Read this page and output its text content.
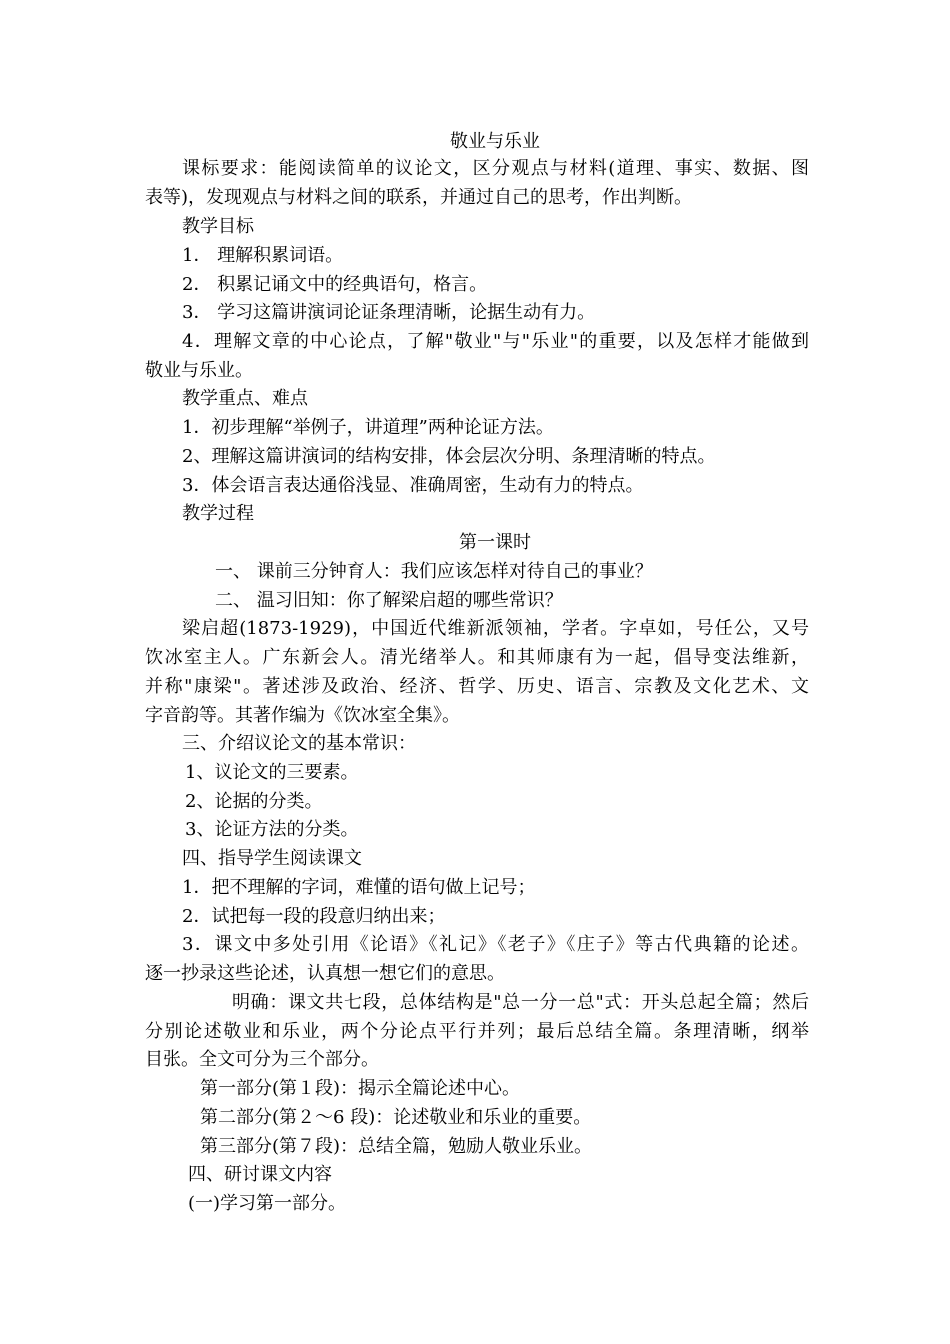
敬业与乐业
课标要求：能阅读简单的议论文，区分观点与材料(道理、事实、数据、图
表等)，发现观点与材料之间的联系，并通过自己的思考，作出判断。
教学目标
1． 理解积累词语。
2． 积累记诵文中的经典语句，格言。
3． 学习这篇讲演词论证条理清晰，论据生动有力。
4．理解文章的中心论点，了解"敬业"与"乐业"的重要，以及怎样才能做到
敬业与乐业。
教学重点、难点
1．初步理解“举例子，讲道理”两种论证方法。
2、理解这篇讲演词的结构安排，体会层次分明、条理清晰的特点。
3．体会语言表达通俗浅显、准确周密，生动有力的特点。
教学过程
第一课时
一、 课前三分钟育人：我们应该怎样对待自己的事业？
二、 温习旧知：你了解梁启超的哪些常识？
梁启超(1873-1929)，中国近代维新派领袖，学者。字卓如，号任公，又号
饮冰室主人。广东新会人。清光绪举人。和其师康有为一起，倡导变法维新，
并称"康梁"。著述涉及政治、经济、哲学、历史、语言、宗教及文化艺术、文
字音韵等。其著作编为《饮冰室全集》。
三、介绍议论文的基本常识：
1、议论文的三要素。
2、论据的分类。
3、论证方法的分类。
四、指导学生阅读课文
1．把不理解的字词，难懂的语句做上记号；
2．试把每一段的段意归纳出来；
3．课文中多处引用《论语》《礼记》《老子》《庄子》等古代典籍的论述。
逐一抄录这些论述，认真想一想它们的意思。
明确：课文共七段，总体结构是"总一分一总"式：开头总起全篇；然后
分别论述敬业和乐业，两个分论点平行并列；最后总结全篇。条理清晰，纲举
目张。全文可分为三个部分。
第一部分(第１段)：揭示全篇论述中心。
第二部分(第２～6 段)：论述敬业和乐业的重要。
第三部分(第７段)：总结全篇，勉励人敬业乐业。
四、研讨课文内容
(一)学习第一部分。
